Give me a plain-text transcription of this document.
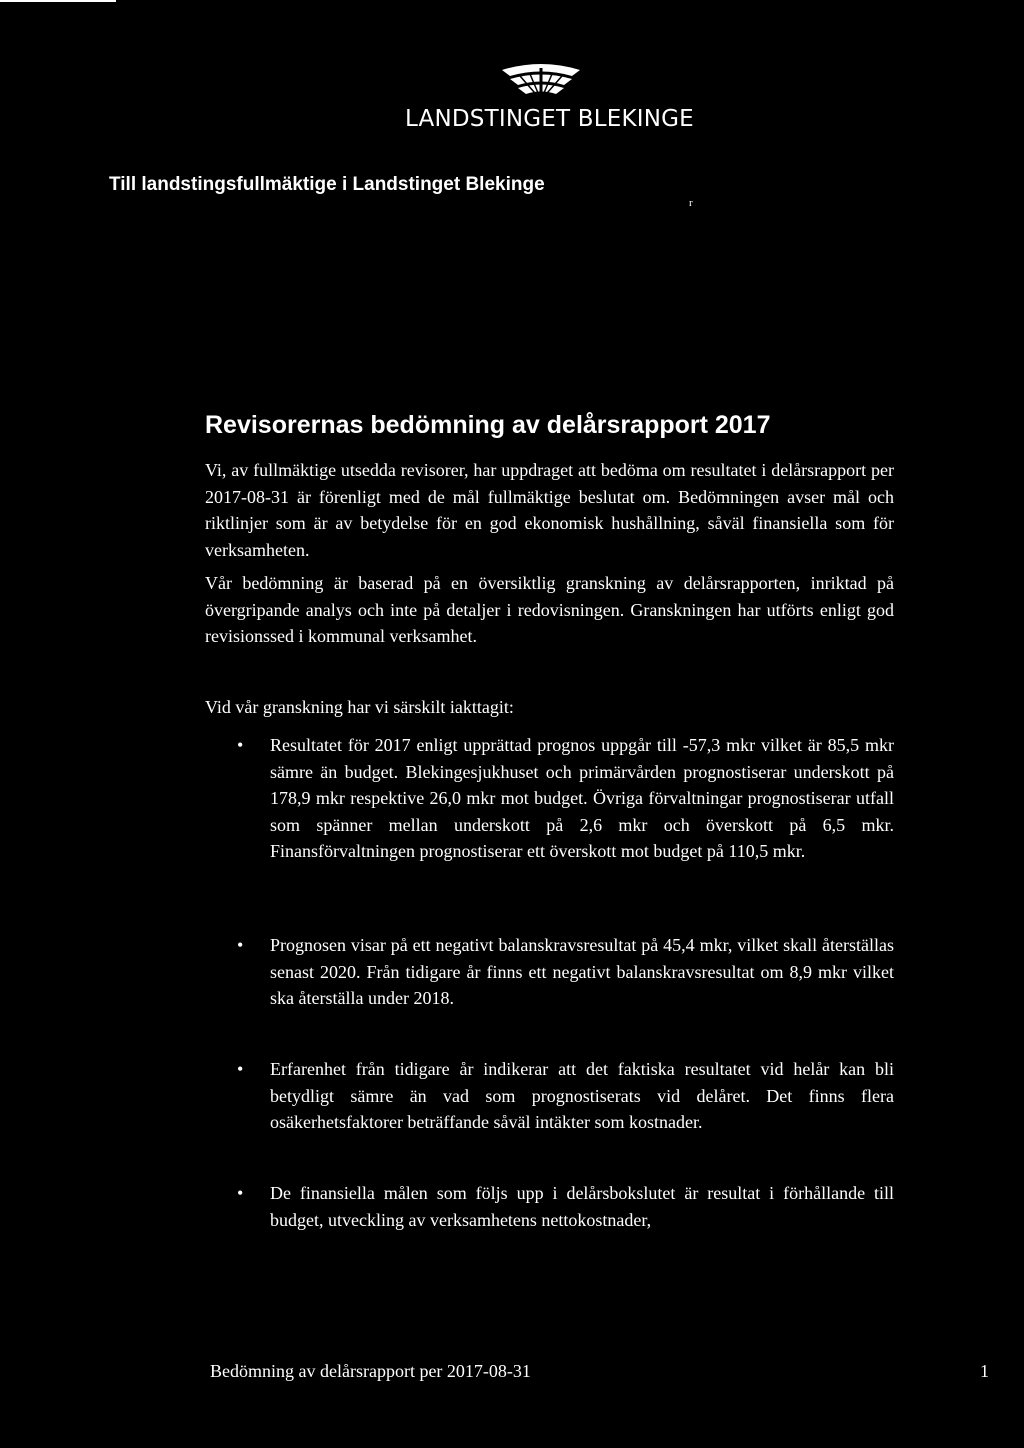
LANDSTINGET BLEKINGE
Till landstingsfullmäktige i Landstinget Blekinge
r
Revisorernas bedömning av delårsrapport 2017

Vi, av fullmäktige utsedda revisorer, har uppdraget att bedöma om resultatet i delårsrapport per 2017-08-31 är förenligt med de mål fullmäktige beslutat om. Bedömningen avser mål och riktlinjer som är av betydelse för en god ekonomisk hushållning, såväl finansiella som för verksamheten.

Vår bedömning är baserad på en översiktlig granskning av delårsrapporten, inriktad på övergripande analys och inte på detaljer i redovisningen. Granskningen har utförts enligt god revisionssed i kommunal verksamhet.

Vid vår granskning har vi särskilt iakttagit:

• Resultatet för 2017 enligt upprättad prognos uppgår till -57,3 mkr vilket är 85,5 mkr sämre än budget. Blekingesjukhuset och primärvården prognostiserar underskott på 178,9 mkr respektive 26,0 mkr mot budget. Övriga förvaltningar prognostiserar utfall som spänner mellan underskott på 2,6 mkr och överskott på 6,5 mkr. Finansförvaltningen prognostiserar ett överskott mot budget på 110,5 mkr.

• Prognosen visar på ett negativt balanskravsresultat på 45,4 mkr, vilket skall återställas senast 2020. Från tidigare år finns ett negativt balanskravsresultat om 8,9 mkr vilket ska återställa under 2018.

• Erfarenhet från tidigare år indikerar att det faktiska resultatet vid helår kan bli betydligt sämre än vad som prognostiserats vid delåret. Det finns flera osäkerhetsfaktorer beträffande såväl intäkter som kostnader.

• De finansiella målen som följs upp i delårsbokslutet är resultat i förhållande till budget, utveckling av verksamhetens nettokostnader,

Bedömning av delårsrapport per 2017-08-31	1
